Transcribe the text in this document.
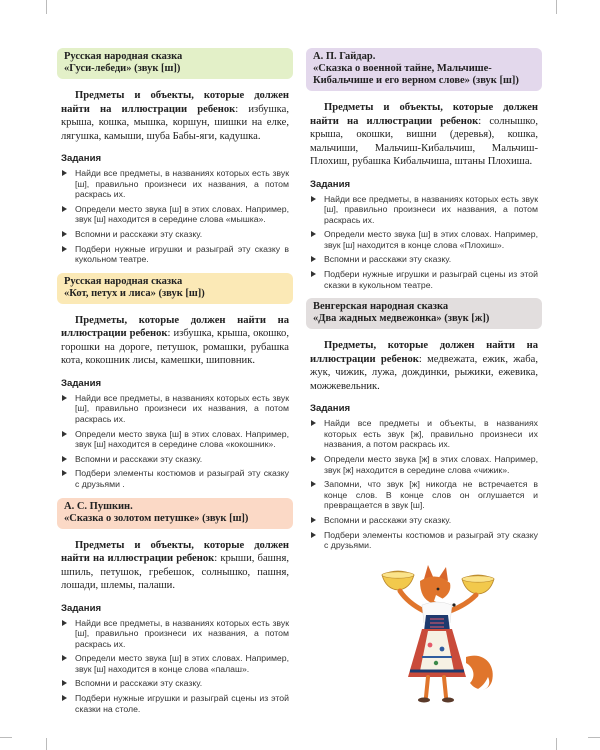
Русская народная сказка
«Гуси-лебеди» (звук [ш])

Предметы и объекты, которые должен найти на иллюстрации ребенок: избушка, крыша, кошка, мышка, коршун, шишки на елке, лягушка, камыши, шуба Бабы-яги, кадушка.

Задания
Найди все предметы, в названиях которых есть звук [ш], правильно произнеси их названия, а потом раскрась их.
Определи место звука [ш] в этих словах. Например, звук [ш] находится в середине слова «мышка».
Вспомни и расскажи эту сказку.
Подбери нужные игрушки и разыграй эту сказку в кукольном театре.
Русская народная сказка
«Кот, петух и лиса» (звук [ш])

Предметы, которые должен найти на иллюстрации ребенок: избушка, крыша, окошко, горошки на дороге, петушок, ромашки, рубашка кота, кокошник лисы, камешки, шиповник.

Задания
Найди все предметы, в названиях которых есть звук [ш], правильно произнеси их названия, а потом раскрась их.
Определи место звука [ш] в этих словах. Например, звук [ш] находится в середине слова «кокошник».
Вспомни и расскажи эту сказку.
Подбери элементы костюмов и разыграй эту сказку с друзьями .
А. С. Пушкин.
«Сказка о золотом петушке» (звук [ш])

Предметы и объекты, которые должен найти на иллюстрации ребенок: крыши, башня, шпиль, петушок, гребешок, солнышко, пашня, лошади, шлемы, палаши.

Задания
Найди все предметы, в названиях которых есть звук [ш], правильно произнеси их названия, а потом раскрась их.
Определи место звука [ш] в этих словах. Например, звук [ш] находится в конце слова «палаш».
Вспомни и расскажи эту сказку.
Подбери нужные игрушки и разыграй сцены из этой сказки на столе.
А. П. Гайдар.
«Сказка о военной тайне, Мальчише-Кибальчише и его верном слове» (звук [ш])

Предметы и объекты, которые должен найти на иллюстрации ребенок: солнышко, крыша, окошки, вишни (деревья), кошка, мальчиши, Мальчиш-Кибальчиш, Мальчиш-Плохиш, рубашка Кибальчиша, штаны Плохиша.

Задания
Найди все предметы, в названиях которых есть звук [ш], правильно произнеси их названия, а потом раскрась их.
Определи место звука [ш] в этих словах. Например, звук [ш] находится в конце слова «Плохиш».
Вспомни и расскажи эту сказку.
Подбери нужные игрушки и разыграй сцены из этой сказки в кукольном театре.
Венгерская народная сказка
«Два жадных медвежонка» (звук [ж])

Предметы, которые должен найти на иллюстрации ребенок: медвежата, ежик, жаба, жук, чижик, лужа, дождинки, рыжики, ежевика, можжевельник.

Задания
Найди все предметы и объекты, в названиях которых есть звук [ж], правильно произнеси их названия, а потом раскрась их.
Определи место звука [ж] в этих словах. Например, звук [ж] находится в середине слова «чижик».
Запомни, что звук [ж] никогда не встречается в конце слов. В конце слов он оглушается и превращается в звук [ш].
Вспомни и расскажи эту сказку.
Подбери элементы костюмов и разыграй эту сказку с друзьями.
